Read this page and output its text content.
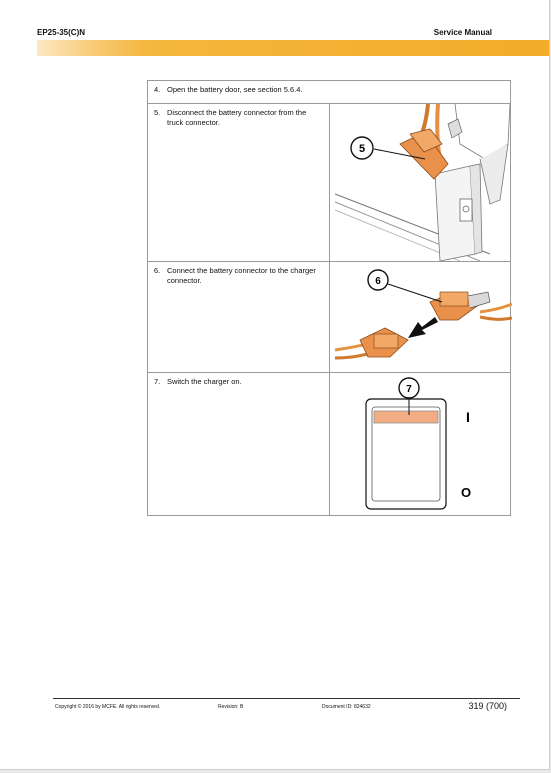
EP25-35(C)N	Service Manual
4. Open the battery door, see section 5.6.4.	

5. Disconnect the battery connector from the truck connector.	5

6. Connect the battery connector to the charger connector.	6

7. Switch the charger on.	7
I
O
Copyright © 2016 by MCFE. All rights reserved.	Revision: B	Document ID: 824632	319 (700)
